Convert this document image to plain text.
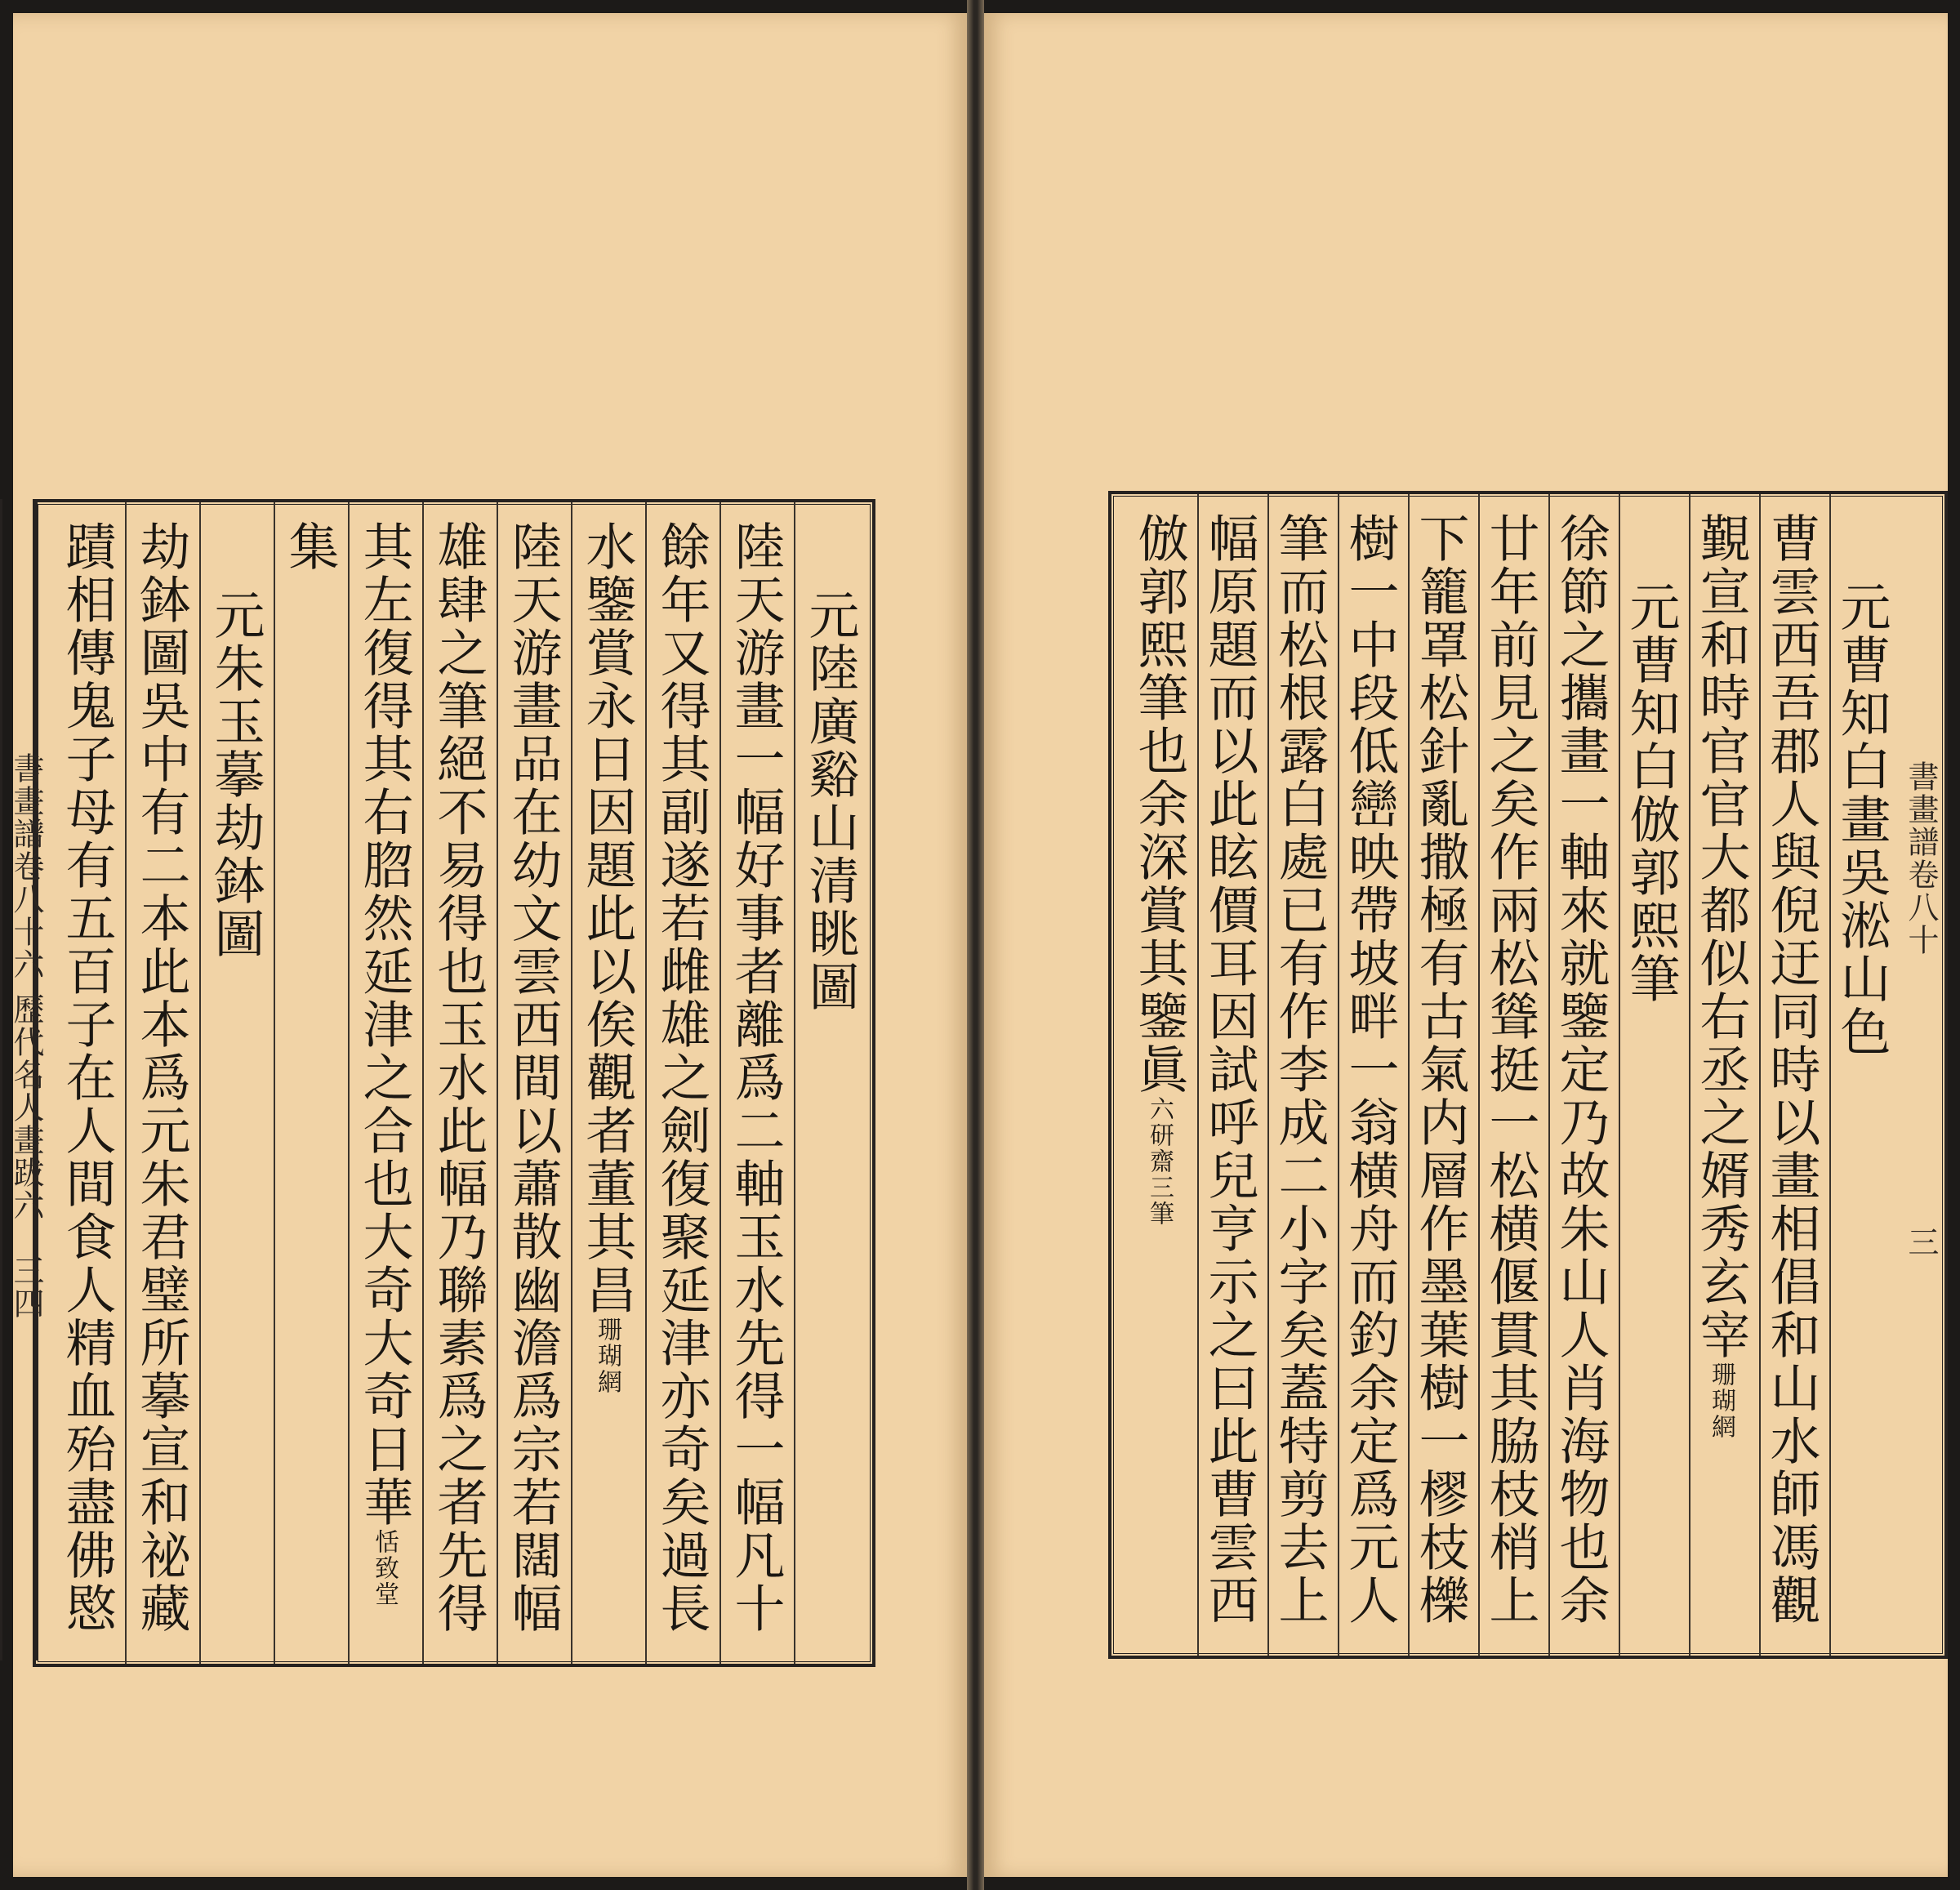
元陸廣谿山清眺圖
陸天游畫一幅好事者離爲二軸玉水先得一幅凡十
餘年又得其副遂若雌雄之劍復聚延津亦奇矣過長
水鑒賞永日因題此以俟觀者董其昌$^{珊瑚網}$
陸天游畫品在幼文雲西間以蕭散幽澹爲宗若闊幅
雄肆之筆絕不易得也玉水此幅乃聯素爲之者先得
其左復得其右脗然延津之合也大奇大奇日華$^{恬致堂}$
集
元朱玉摹劫鉢圖
劫鉢圖吳中有二本此本爲元朱君璧所摹宣和祕藏
蹟相傳鬼子母有五百子在人間食人精血殆盡佛愍
書畫譜卷八十六
歷代名人畫跋六
三四
元曹知白畫吳淞山色
曹雲西吾郡人與倪迂同時以畫相倡和山水師馮觀
覲宣和時官官大都似右丞之婿秀玄宰$^{珊瑚網}$
元曹知白倣郭熙筆
徐節之攜畫一軸來就鑒定乃故朱山人肖海物也余
廿年前見之矣作兩松聳挺一松横偃貫其脇枝梢上
下籠罩松針亂撒極有古氣内層作墨葉樹一樛枝櫟
樹一中段低巒映帶坡畔一翁横舟而釣余定爲元人
筆而松根露白處已有作李成二小字矣蓋特剪去上
幅原題而以此眩價耳因試呼兒亨示之曰此曹雲西
倣郭熙筆也余深賞其鑒眞$^{六研齋三筆}$
書畫譜卷八十
三
